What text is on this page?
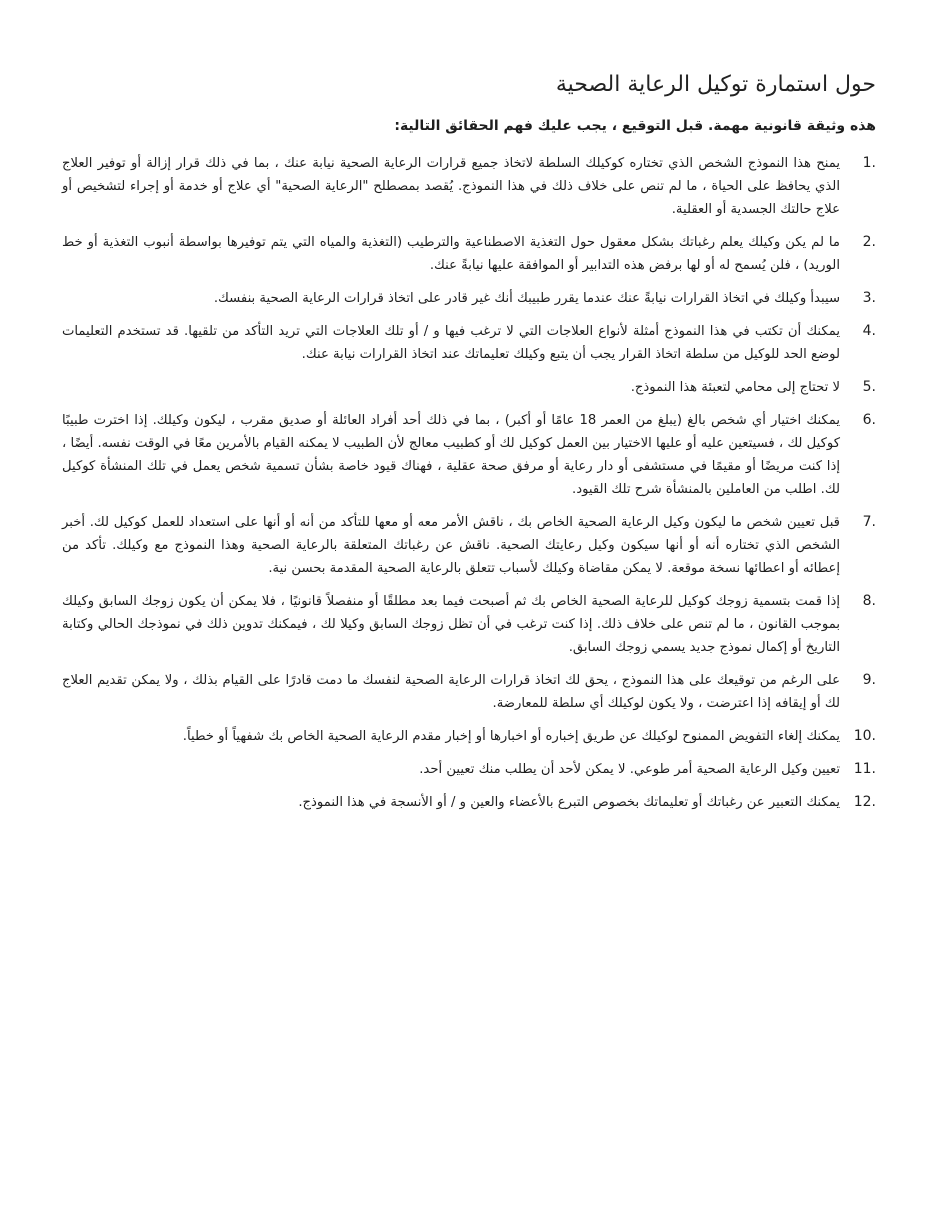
حول استمارة توكيل الرعاية الصحية

هذه وثيقة قانونية مهمة. قبل التوقيع ، يجب عليك فهم الحقائق التالية:

1.
يمنح هذا النموذج الشخص الذي تختاره كوكيلك السلطة لاتخاذ جميع قرارات الرعاية الصحية نيابة عنك ، بما في ذلك قرار إزالة أو توفير العلاج الذي يحافظ على الحياة ، ما لم تنص على خلاف ذلك في هذا النموذج. يُقصد بمصطلح "الرعاية الصحية" أي علاج أو خدمة أو إجراء لتشخيص أو علاج حالتك الجسدية أو العقلية.
2.
ما لم يكن وكيلك يعلم رغباتك بشكل معقول حول التغذية الاصطناعية والترطيب (التغذية والمياه التي يتم توفيرها بواسطة أنبوب التغذية أو خط الوريد) ، فلن يُسمح له أو لها برفض هذه التدابير أو الموافقة عليها نيابةً عنك.
3.
سيبدأ وكيلك في اتخاذ القرارات نيابةً عنك عندما يقرر طبيبك أنك غير قادر على اتخاذ قرارات الرعاية الصحية بنفسك.
4.
يمكنك أن تكتب في هذا النموذج أمثلة لأنواع العلاجات التي لا ترغب فيها و / أو تلك العلاجات التي تريد التأكد من تلقيها. قد تستخدم التعليمات لوضع الحد للوكيل من سلطة اتخاذ القرار يجب أن يتبع وكيلك تعليماتك عند اتخاذ القرارات نيابة عنك.
5.
لا تحتاج إلى محامي لتعبئة هذا النموذج.
6.
يمكنك اختيار أي شخص بالغ (يبلغ من العمر 18 عامًا أو أكبر) ، بما في ذلك أحد أفراد العائلة أو صديق مقرب ، ليكون وكيلك. إذا اخترت طبيبًا كوكيل لك ، فسيتعين عليه أو عليها الاختيار بين العمل كوكيل لك أو كطبيب معالج لأن الطبيب لا يمكنه القيام بالأمرين معًا في الوقت نفسه. أيضًا ، إذا كنت مريضًا أو مقيمًا في مستشفى أو دار رعاية أو مرفق صحة عقلية ، فهناك قيود خاصة بشأن تسمية شخص يعمل في تلك المنشأة كوكيل لك. اطلب من العاملين بالمنشأة شرح تلك القيود.
7.
قبل تعيين شخص ما ليكون وكيل الرعاية الصحية الخاص بك ، ناقش الأمر معه أو معها للتأكد من أنه أو أنها على استعداد للعمل كوكيل لك. أخبر الشخص الذي تختاره أنه أو أنها سيكون وكيل رعايتك الصحية. ناقش عن رغباتك المتعلقة بالرعاية الصحية وهذا النموذج مع وكيلك. تأكد من إعطائه أو اعطائها نسخة موقعة. لا يمكن مقاضاة وكيلك لأسباب تتعلق بالرعاية الصحية المقدمة بحسن نية.
8.
إذا قمت بتسمية زوجك كوكيل للرعاية الصحية الخاص بك ثم أصبحت فيما بعد مطلقًا أو منفصلاً قانونيًا ، فلا يمكن أن يكون زوجك السابق وكيلك بموجب القانون ، ما لم تنص على خلاف ذلك. إذا كنت ترغب في أن تظل زوجك السابق وكيلا لك ، فيمكنك تدوين ذلك في نموذجك الحالي وكتابة التاريخ أو إكمال نموذج جديد يسمي زوجك السابق.
9.
على الرغم من توقيعك على هذا النموذج ، يحق لك اتخاذ قرارات الرعاية الصحية لنفسك ما دمت قادرًا على القيام بذلك ، ولا يمكن تقديم العلاج لك أو إيقافه إذا اعترضت ، ولا يكون لوكيلك أي سلطة للمعارضة.
10.
يمكنك إلغاء التفويض الممنوح لوكيلك عن طريق إخباره أو اخبارها أو إخبار مقدم الرعاية الصحية الخاص بك شفهياً أو خطياً.
11.
تعيين وكيل الرعاية الصحية أمر طوعي. لا يمكن لأحد أن يطلب منك تعيين أحد.
12.
يمكنك التعبير عن رغباتك أو تعليماتك بخصوص التبرع بالأعضاء والعين و / أو الأنسجة في هذا النموذج.
